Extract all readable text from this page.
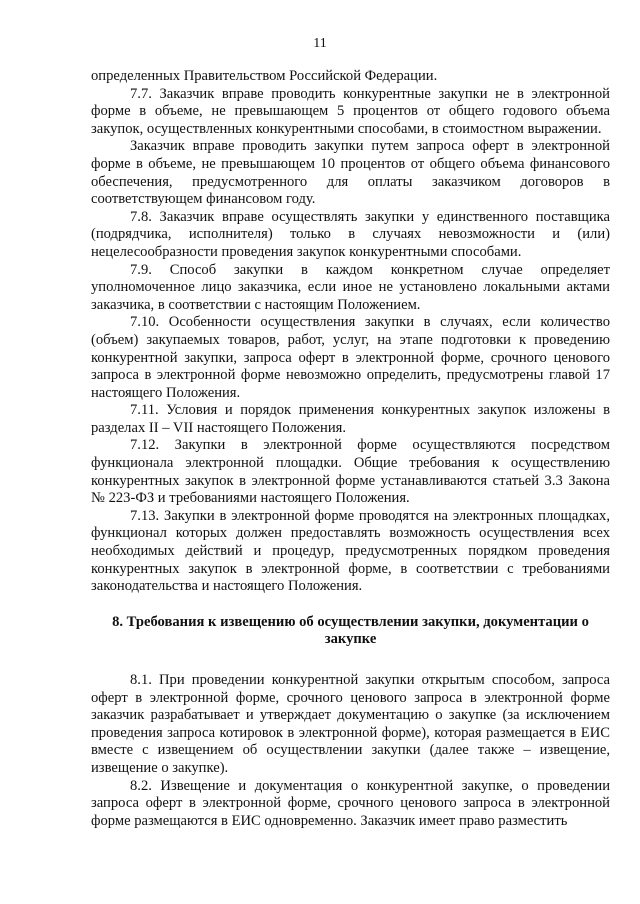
11

определенных Правительством Российской Федерации.

7.7. Заказчик вправе проводить конкурентные закупки не в электронной форме в объеме, не превышающем 5 процентов от общего годового объема закупок, осуществленных конкурентными способами, в стоимостном выражении.

Заказчик вправе проводить закупки путем запроса оферт в электронной форме в объеме, не превышающем 10 процентов от общего объема финансового обеспечения, предусмотренного для оплаты заказчиком договоров в соответствующем финансовом году.

7.8. Заказчик вправе осуществлять закупки у единственного поставщика (подрядчика, исполнителя) только в случаях невозможности и (или) нецелесообразности проведения закупок конкурентными способами.

7.9. Способ закупки в каждом конкретном случае определяет уполномоченное лицо заказчика, если иное не установлено локальными актами заказчика, в соответствии с настоящим Положением.

7.10. Особенности осуществления закупки в случаях, если количество (объем) закупаемых товаров, работ, услуг, на этапе подготовки к проведению конкурентной закупки, запроса оферт в электронной форме, срочного ценового запроса в электронной форме невозможно определить, предусмотрены главой 17 настоящего Положения.

7.11. Условия и порядок применения конкурентных закупок изложены в разделах II – VII настоящего Положения.

7.12. Закупки в электронной форме осуществляются посредством функционала электронной площадки. Общие требования к осуществлению конкурентных закупок в электронной форме устанавливаются статьей 3.3 Закона № 223-ФЗ и требованиями настоящего Положения.

7.13. Закупки в электронной форме проводятся на электронных площадках, функционал которых должен предоставлять возможность осуществления всех необходимых действий и процедур, предусмотренных порядком проведения конкурентных закупок в электронной форме, в соответствии с требованиями законодательства и настоящего Положения.

8. Требования к извещению об осуществлении закупки, документации о закупке

8.1. При проведении конкурентной закупки открытым способом, запроса оферт в электронной форме, срочного ценового запроса в электронной форме заказчик разрабатывает и утверждает документацию о закупке (за исключением проведения запроса котировок в электронной форме), которая размещается в ЕИС вместе с извещением об осуществлении закупки (далее также – извещение, извещение о закупке).

8.2. Извещение и документация о конкурентной закупке, о проведении запроса оферт в электронной форме, срочного ценового запроса в электронной форме размещаются в ЕИС одновременно. Заказчик имеет право разместить
